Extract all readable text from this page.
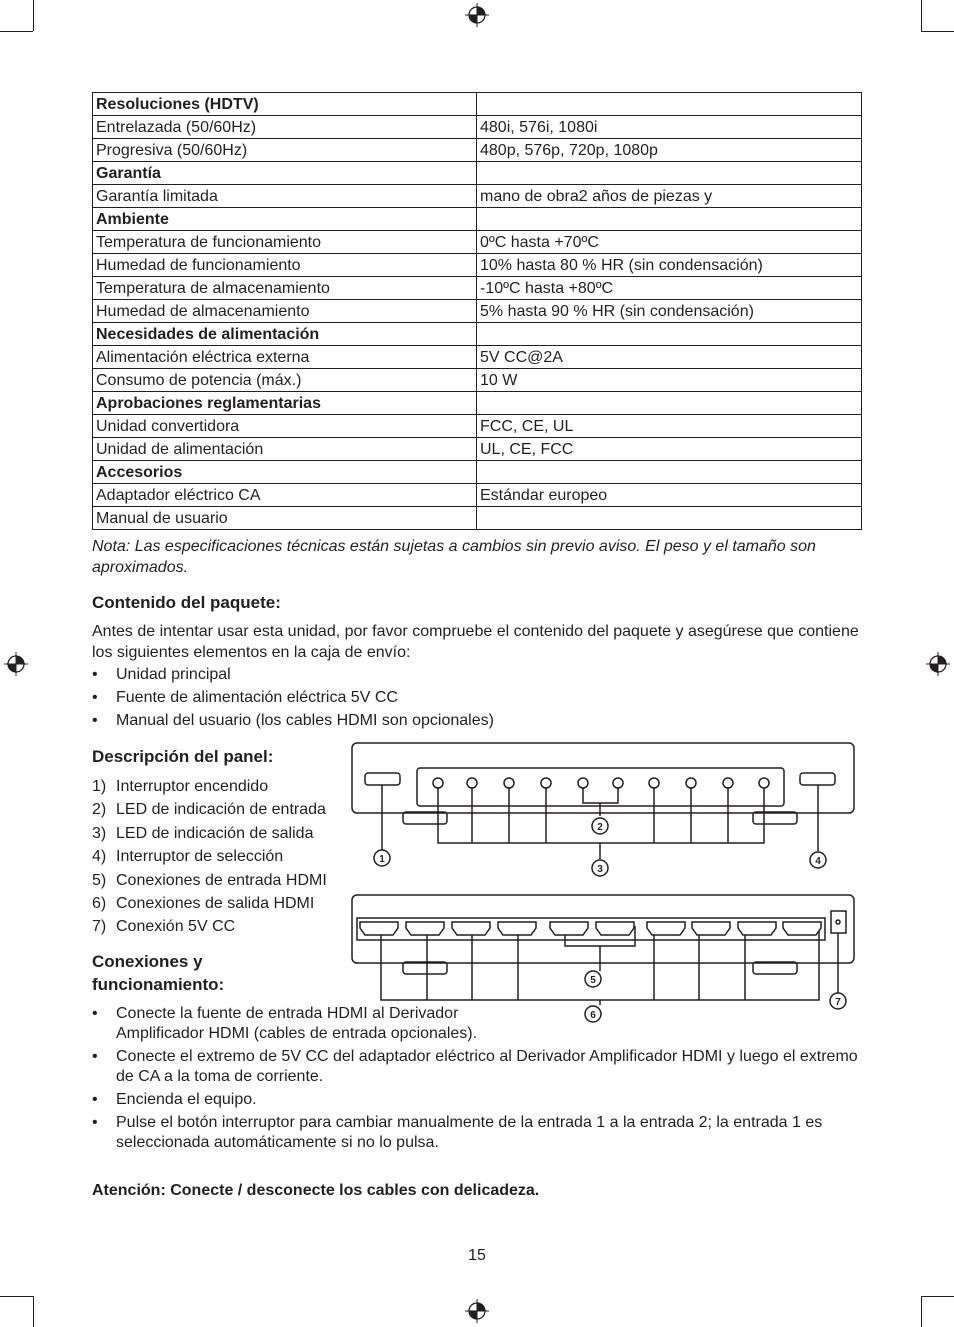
Resoluciones (HDTV)	
Entrelazada (50/60Hz)	480i, 576i, 1080i
Progresiva (50/60Hz)	480p, 576p, 720p, 1080p
Garantía	
Garantía limitada	mano de obra2 años de piezas y
Ambiente	
Temperatura de funcionamiento	0ºC hasta +70ºC
Humedad de funcionamiento	10% hasta 80 % HR (sin condensación)
Temperatura de almacenamiento	-10ºC hasta +80ºC
Humedad de almacenamiento	5% hasta 90 % HR (sin condensación)
Necesidades de alimentación	
Alimentación eléctrica externa	5V CC@2A
Consumo de potencia (máx.)	10 W
Aprobaciones reglamentarias	
Unidad convertidora	FCC, CE, UL
Unidad de alimentación	UL, CE, FCC
Accesorios	
Adaptador eléctrico CA	Estándar europeo
Manual de usuario	

Nota: Las especificaciones técnicas están sujetas a cambios sin previo aviso. El peso y el tamaño son aproximados.

Contenido del paquete:

Antes de intentar usar esta unidad, por favor compruebe el contenido del paquete y asegúrese que contiene los siguientes elementos en la caja de envío:

• Unidad principal
• Fuente de alimentación eléctrica 5V CC
• Manual del usuario (los cables HDMI son opcionales)
Descripción del panel:
1) Interruptor encendido
2) LED de indicación de entrada
3) LED de indicación de salida
4) Interruptor de selección
5) Conexiones de entrada HDMI
6) Conexiones de salida HDMI
7) Conexión 5V CC
Conexiones y
funcionamiento:
• Conecte la fuente de entrada HDMI al Derivador Amplificador HDMI (cables de entrada opcionales).
• Conecte el extremo de 5V CC del adaptador eléctrico al Derivador Amplificador HDMI y luego el extremo de CA a la toma de corriente.
• Encienda el equipo.
• Pulse el botón interruptor para cambiar manualmente de la entrada 1 a la entrada 2; la entrada 1 es seleccionada automáticamente si no lo pulsa.

Atención: Conecte / desconecte los cables con delicadeza.

1
2
3
4
5
6
7
15
